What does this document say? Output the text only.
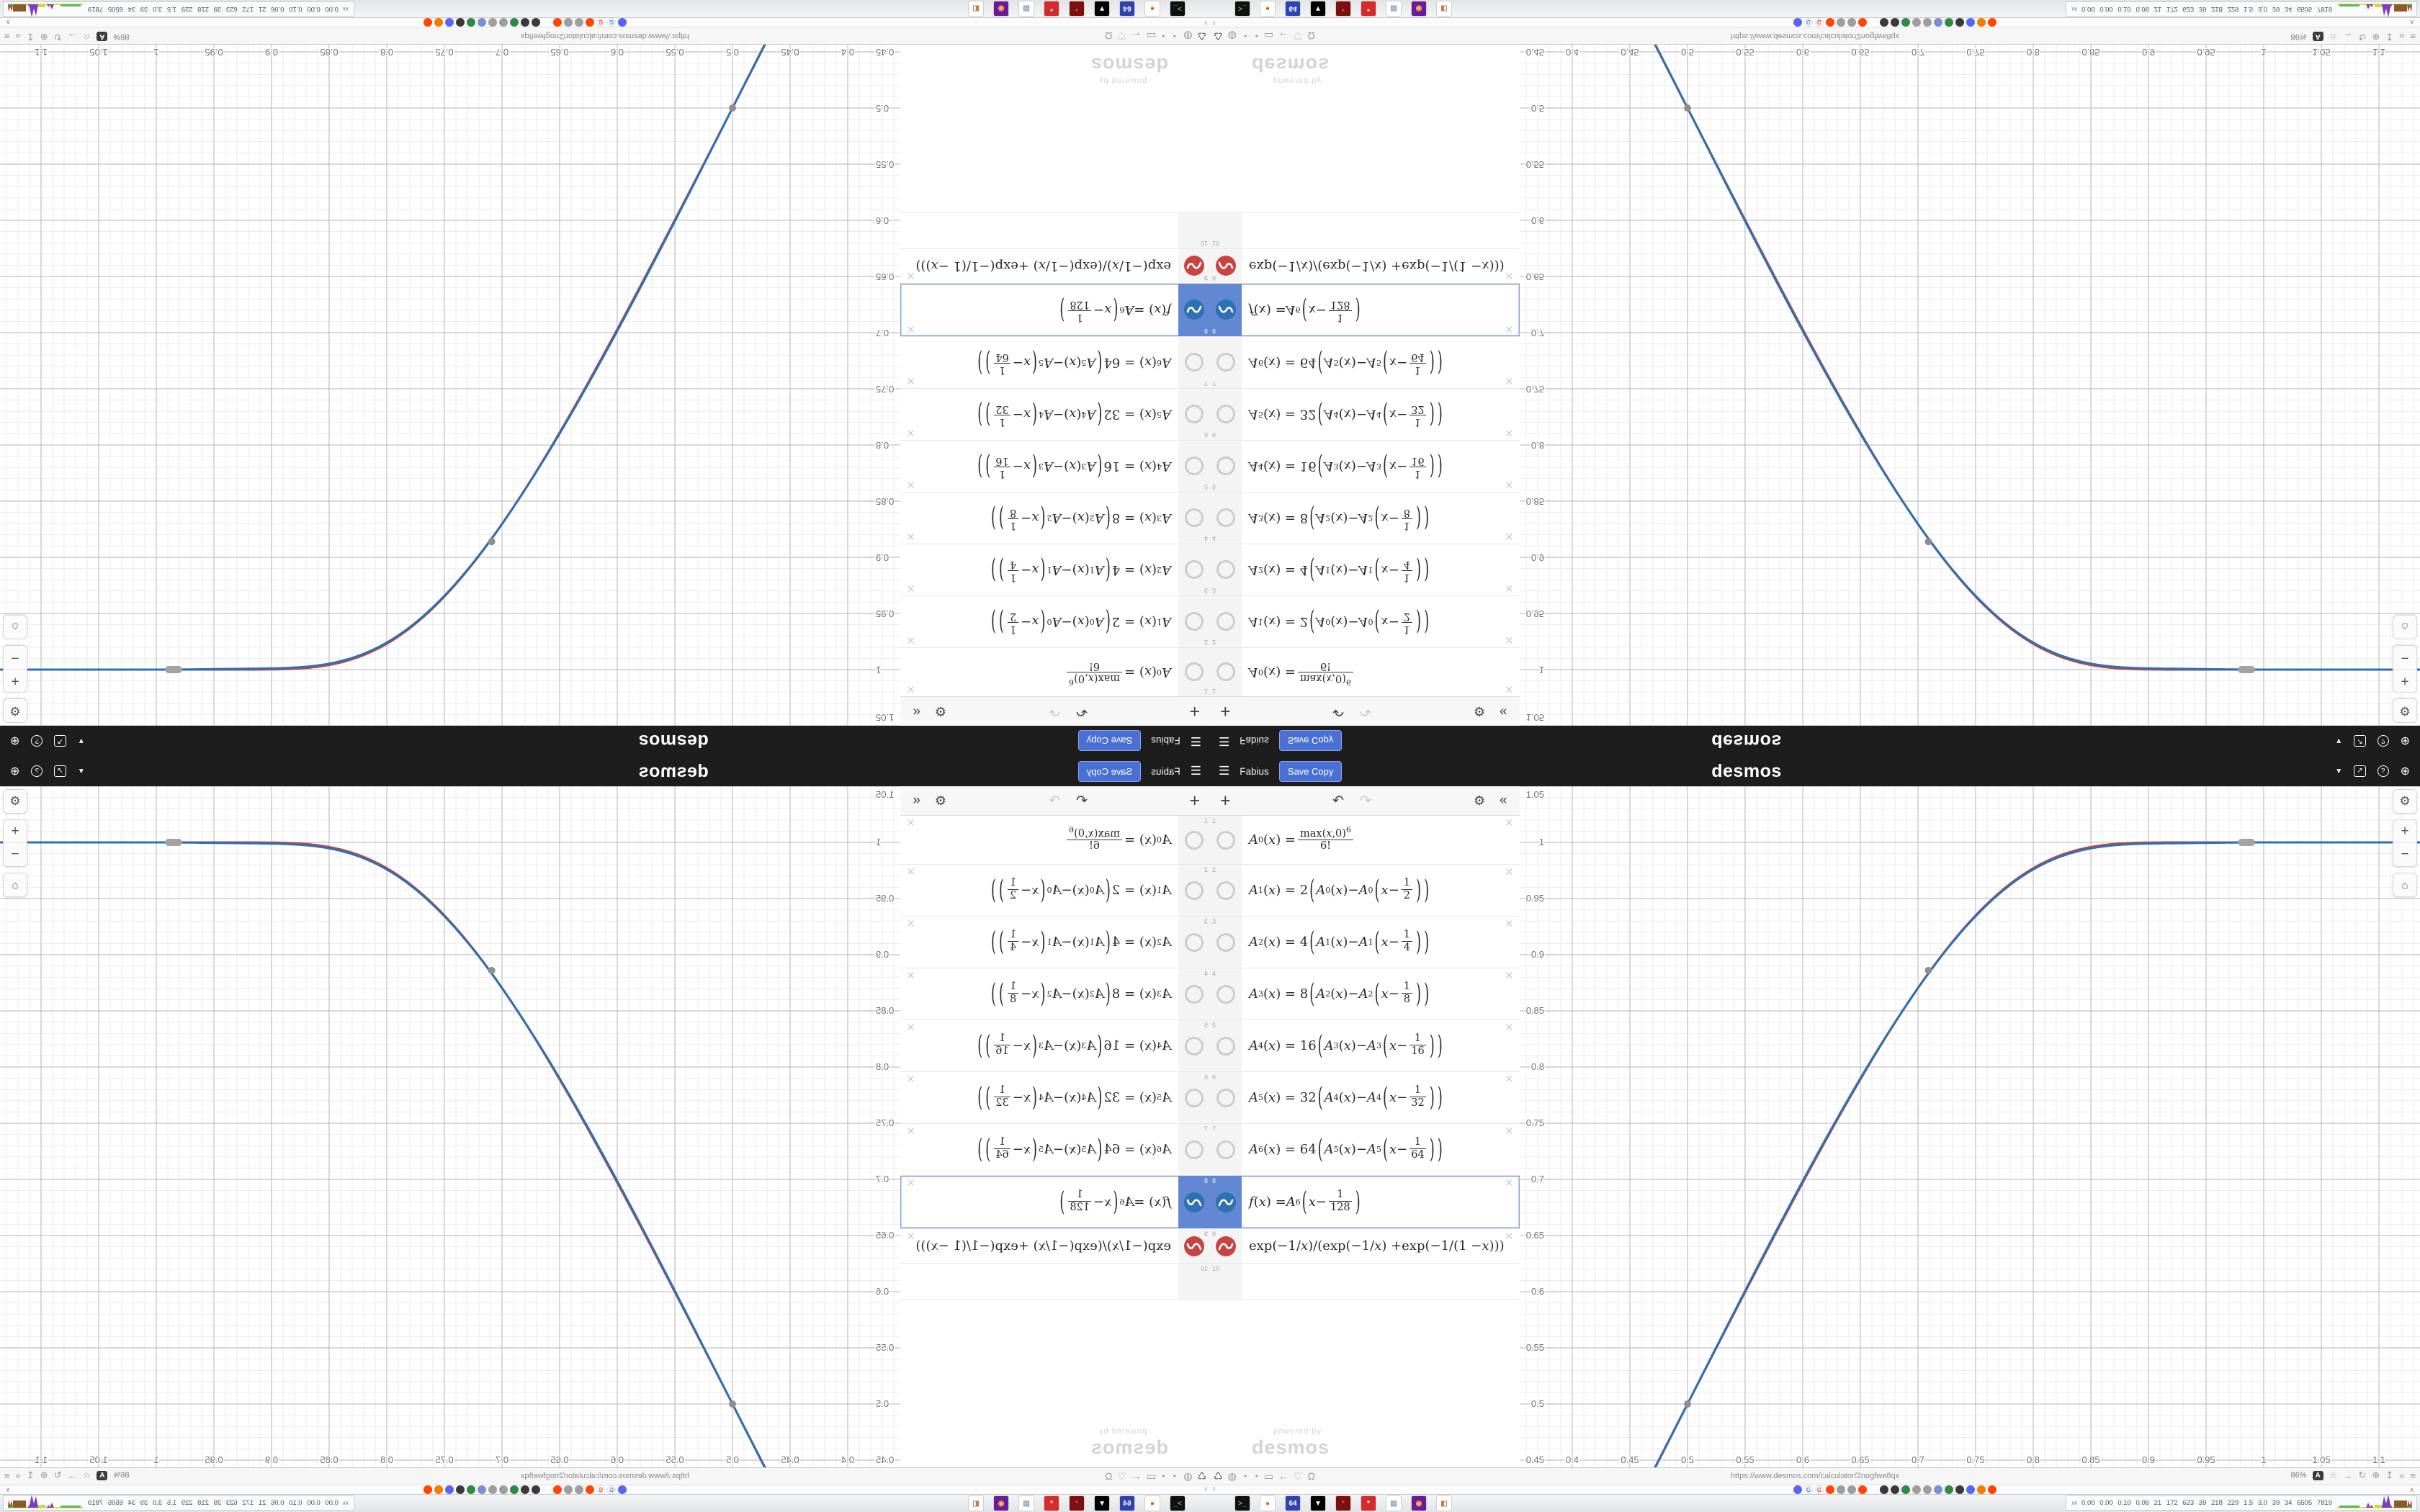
☰
Fabius
Save Copy
desmos
▼
↗
?
⊕
+
↶
↷
⚙
«
1
A
0
(
x
) =
$\max(x,0)^6$
6!
×
2
A
1
(
x
) = 2
(
A
0
(
x
)−
A
0
(
x
−
1
2
)
)
×
3
A
2
(
x
) = 4
(
A
1
(
x
)−
A
1
(
x
−
1
4
)
)
×
4
A
3
(
x
) = 8
(
A
2
(
x
)−
A
2
(
x
−
1
8
)
)
×
5
A
4
(
x
) = 16
(
A
3
(
x
)−
A
3
(
x
−
1
16
)
)
×
6
A
5
(
x
) = 32
(
A
4
(
x
)−
A
4
(
x
−
1
32
)
)
×
7
A
6
(
x
) = 64
(
A
5
(
x
)−
A
5
(
x
−
1
64
)
)
×
8
f
(
x
) =
A
6
(
x
−
1
128
)
×
9
exp
(−1/
x
)/(
exp
(−1/
x
) +
exp
(−1/(1 −
x
)))
×
10
powered by
desmos
1.05
1
0.95
0.9
0.85
0.8
0.75
0.7
0.65
0.6
0.55
0.5
0.45
0.4
0.45
0.5
0.55
0.6
0.65
0.7
0.75
0.8
0.85
0.9
0.95
1
1.05
1.1
⚙
+
−
⌂
♺
◍
◔
◔
▭
←
♡
Ω
https://www.desmos.com/calculator/2nogfwe8qx
86%
A
☆
→
↻
⊕
↥
»
≡
‖
G
G
∧
>_
●
64
▼
*
*
▤
◉
◧
∧∧
0.00 0.00 0.10 0.06 21 172 623 39 218 229 1.5 3.0 39 34 6505 7819
☰ Fabius	Save Copy	desmos	▼	↗	?	⊕
+	↶ ↷	⚙ «
1
A 0 ( x ) = $\max(x,0)^6$
6!
×
2
A 1 ( x ) = 2 ( A 0 ( x )− A 0 ( x − 1
2 ) )
×
3
A 2 ( x ) = 4 ( A 1 ( x )− A 1 ( x − 1
4 ) )
×
4
A 3 ( x ) = 8 ( A 2 ( x )− A 2 ( x − 1
8 ) )
×
5
A 4 ( x ) = 16 ( A 3 ( x )− A 3 ( x − 1
16 ) )
×
6
A 5 ( x ) = 32 ( A 4 ( x )− A 4 ( x − 1
32 ) )
×
7
A 6 ( x ) = 64 ( A 5 ( x )− A 5 ( x − 1
64 ) )
×
8
f ( x ) = A 6 ( x − 1
128 )
×
9
exp (−1/ x )/( exp (−1/ x ) + exp (−1/(1 − x )))
×
10
powered by
desmos
1.05
1
0.95
0.9
0.85
0.8
0.75
0.7
0.65
0.6
0.55
0.5
0.45 0.4	0.45	0.5	0.55	0.6	0.65	0.7	0.75	0.8	0.85	0.9	0.95	1	1.05	1.1
⚙
+
−
⌂
♺ ◍ ◔ ◔ ▭ ← ♡ Ω	https://www.desmos.com/calculator/2nogfwe8qx	86%	A ☆ → ↻ ⊕ ↥ » ≡
‖	G	G	∧
>_	●	64	▼	*	*	▤	◉	◧	∧∧ 0.00 0.00 0.10 0.06 21 172 623 39 218 229 1.5 3.0 39 34 6505 7819
☰
Fabius
Save Copy
desmos
▼
↗
?
⊕
+
↶
↷
⚙
«
1
A
0
(
x
) =
$\frac{\max(x,0)^6}{6!}$
×
2
A
1
(
x
) = 2
(
A
0
(
x
)−
A
0
(
x
−
$\frac{1}{2}$
)
)
×
3
A
2
(
x
) = 4
(
A
1
(
x
)−
A
1
(
x
−
$\frac{1}{4}$
)
)
×
4
A
3
(
x
) = 8
(
A
2
(
x
)−
A
2
(
x
−
$\frac{1}{8}$
)
)
×
5
A
4
(
x
) = 16
(
A
3
(
x
)−
A
3
(
x
−
$\frac{1}{16}$
)
)
×
6
A
5
(
x
) = 32
(
A
4
(
x
)−
A
4
(
x
−
$\frac{1}{32}$
)
)
×
7
A
6
(
x
) = 64
(
A
5
(
x
)−
A
5
(
x
−
$\frac{1}{64}$
)
)
×
8
f
(
x
) =
A
6
(
x
−
$\frac{1}{128}$
)
×
9
exp
(−1/
x
)/(
exp
(−1/
x
) +
exp
(−1/(1 −
x
)))
×
10
powered by
desmos
1.05
1
0.95
0.9
0.85
0.8
0.75
0.7
0.65
0.6
0.55
0.5
0.45
0.4
0.45
0.5
0.55
0.6
0.65
0.7
0.75
0.8
0.85
0.9
0.95
1
1.05
1.1
⚙
+
−
⌂
♺
◍
◔
◔
▭
←
♡
Ω
https://www.desmos.com/calculator/2nogfwe8qx
86%
A
☆
→
↻
⊕
↥
»
≡
‖
G
G
∧
>_
●
64
▼
*
*
▤
◉
◧
∧∧
0.00 0.00 0.10 0.06 21 172 623 39 218 229 1.5 3.0 39 34 6505 7819
☰ Fabius	Save Copy	desmos	▼	↗	?	⊕
+	↶ ↷	⚙ «
1
A 0 ( x ) = $\frac{\max(x,0)^6}{6!}$
×
2
A 1 ( x ) = 2 ( A 0 ( x )− A 0 ( $x - \frac{1}{2}$ ) )
×
3
A 2 ( x ) = 4 ( A 1 ( x )− A 1 ( $x - \frac{1}{4}$ ) )
×
4
A 3 ( x ) = 8 ( A 2 ( x )− A 2 ( $x - \frac{1}{8}$ ) )
×
5
A 4 ( x ) = 16 ( A 3 ( x )− A 3 ( $x - \frac{1}{16}$ ) )
×
6
A 5 ( x ) = 32 ( A 4 ( x )− A 4 ( $x - \frac{1}{32}$ ) )
×
7
A 6 ( x ) = 64 ( A 5 ( x )− A 5 ( $x - \frac{1}{64}$ ) )
×
8
f ( x ) = A 6 ( $x - \frac{1}{128}$ )
×
9
exp (−1/ x )/( exp (−1/ x ) + exp (−1/(1 − x )))
×
10
powered by
desmos
1.05
1
0.95
0.9
0.85
0.8
0.75
0.7
0.65
0.6
0.55
0.5
0.45 0.4	0.45	0.5	0.55	0.6	0.65	0.7	0.75	0.8	0.85	0.9	0.95	1	1.05	1.1
⚙
+
−
⌂
♺ ◍ ◔ ◔ ▭ ← ♡ Ω	https://www.desmos.com/calculator/2nogfwe8qx	86%	A ☆ → ↻ ⊕ ↥ » ≡
‖	G	G	∧
>_	●	64	▼	*	*	▤	◉	◧	∧∧ 0.00 0.00 0.10 0.06 21 172 623 39 218 229 1.5 3.0 39 34 6505 7819
